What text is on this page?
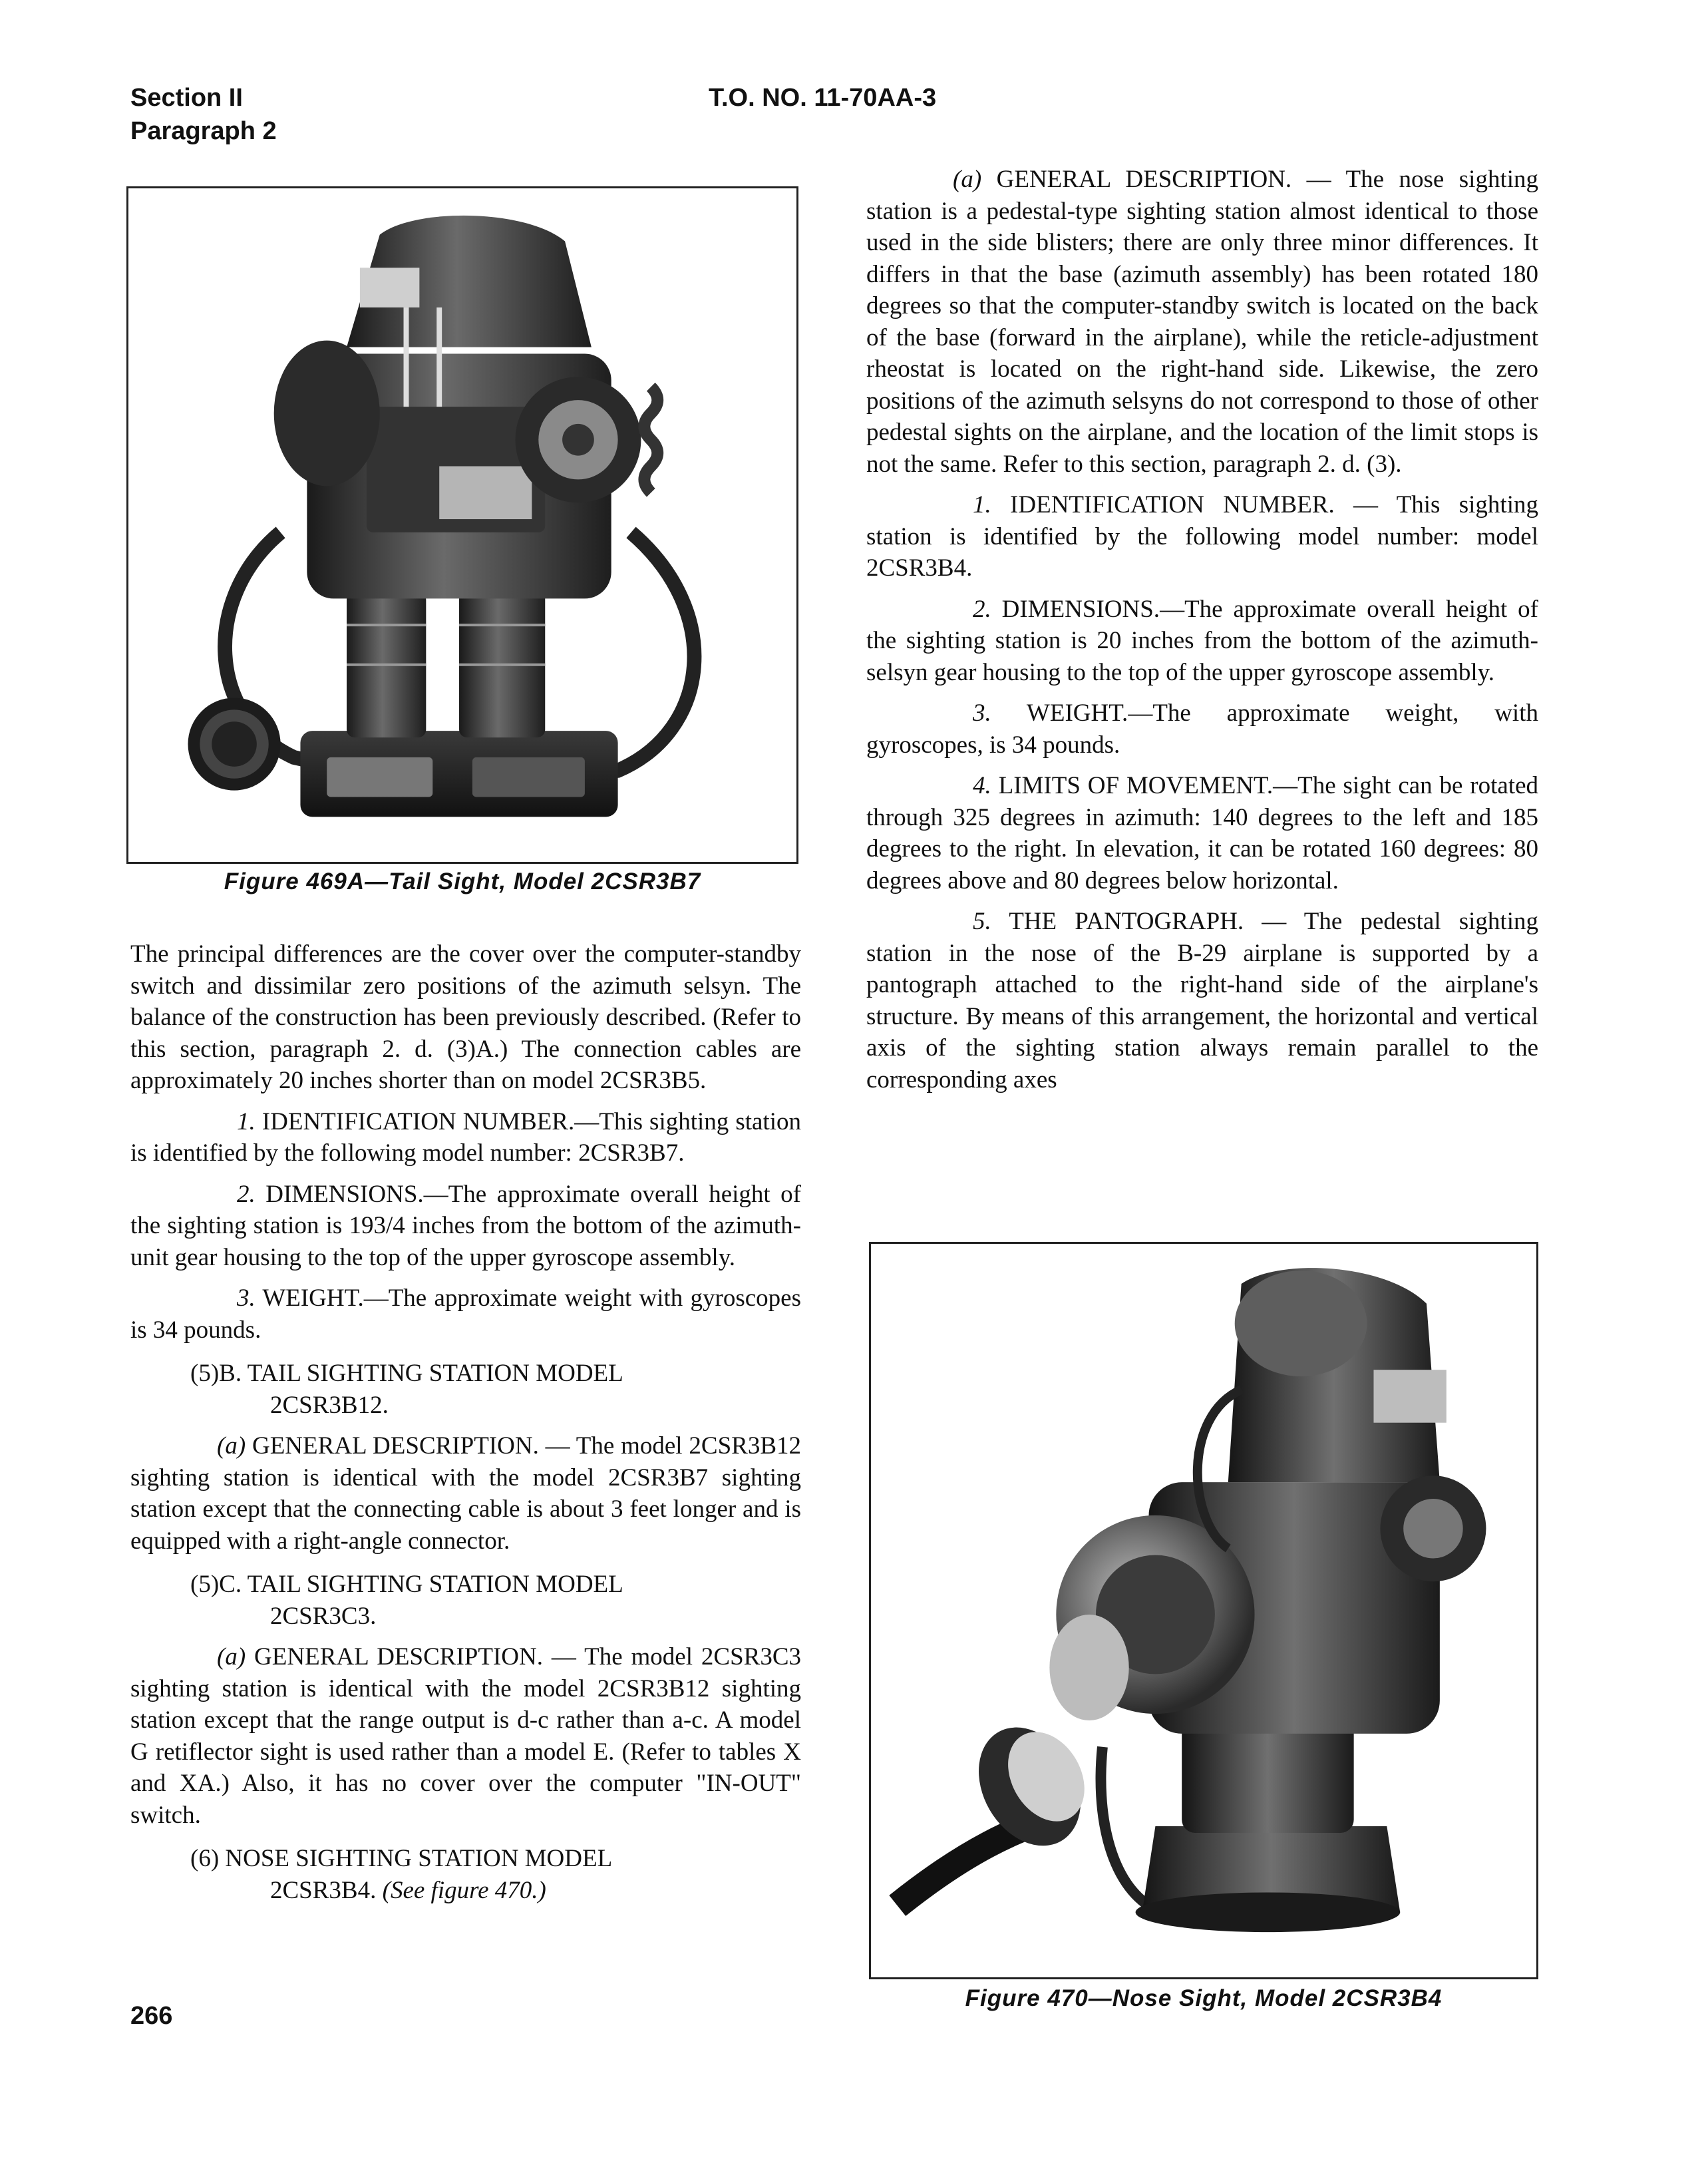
Section II
Paragraph 2
T.O. NO. 11-70AA-3
Figure 469A—Tail Sight, Model 2CSR3B7

The principal differences are the cover over the computer-standby switch and dissimilar zero positions of the azimuth selsyn. The balance of the construction has been previously described. (Refer to this section, paragraph 2. d. (3)A.) The connection cables are approximately 20 inches shorter than on model 2CSR3B5.

1. IDENTIFICATION NUMBER.—This sighting station is identified by the following model number: 2CSR3B7.

2. DIMENSIONS.—The approximate overall height of the sighting station is 193/4 inches from the bottom of the azimuth-unit gear housing to the top of the upper gyroscope assembly.

3. WEIGHT.—The approximate weight with gyroscopes is 34 pounds.

(5)B. TAIL SIGHTING STATION MODEL
2CSR3B12.

(a) GENERAL DESCRIPTION. — The model 2CSR3B12 sighting station is identical with the model 2CSR3B7 sighting station except that the connecting cable is about 3 feet longer and is equipped with a right-angle connector.

(5)C. TAIL SIGHTING STATION MODEL
2CSR3C3.

(a) GENERAL DESCRIPTION. — The model 2CSR3C3 sighting station is identical with the model 2CSR3B12 sighting station except that the range output is d-c rather than a-c. A model G retiflector sight is used rather than a model E. (Refer to tables X and XA.) Also, it has no cover over the computer "IN-OUT" switch.

(6) NOSE SIGHTING STATION MODEL
2CSR3B4. (See figure 470.)

(a) GENERAL DESCRIPTION. — The nose sighting station is a pedestal-type sighting station almost identical to those used in the side blisters; there are only three minor differences. It differs in that the base (azimuth assembly) has been rotated 180 degrees so that the computer-standby switch is located on the back of the base (forward in the airplane), while the reticle-adjustment rheostat is located on the right-hand side. Likewise, the zero positions of the azimuth selsyns do not correspond to those of other pedestal sights on the airplane, and the location of the limit stops is not the same. Refer to this section, paragraph 2. d. (3).

1. IDENTIFICATION NUMBER. — This sighting station is identified by the following model number: model 2CSR3B4.

2. DIMENSIONS.—The approximate overall height of the sighting station is 20 inches from the bottom of the azimuth-selsyn gear housing to the top of the upper gyroscope assembly.

3. WEIGHT.—The approximate weight, with gyroscopes, is 34 pounds.

4. LIMITS OF MOVEMENT.—The sight can be rotated through 325 degrees in azimuth: 140 degrees to the left and 185 degrees to the right. In elevation, it can be rotated 160 degrees: 80 degrees above and 80 degrees below horizontal.

5. THE PANTOGRAPH. — The pedestal sighting station in the nose of the B-29 airplane is supported by a pantograph attached to the right-hand side of the airplane's structure. By means of this arrangement, the horizontal and vertical axis of the sighting station always remain parallel to the corresponding axes

Figure 470—Nose Sight, Model 2CSR3B4
266
